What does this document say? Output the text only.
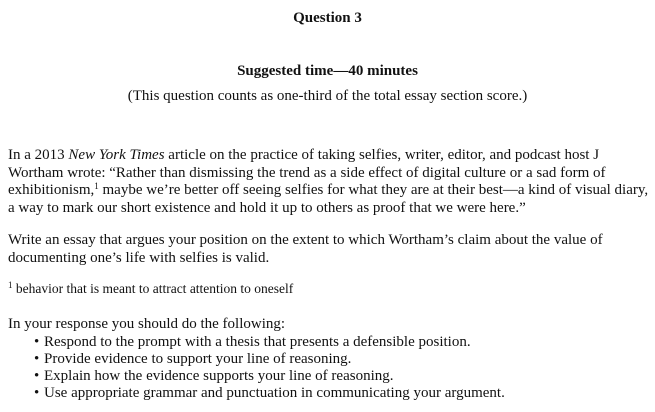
Question 3

Suggested time—40 minutes

(This question counts as one-third of the total essay section score.)

In a 2013 New York Times article on the practice of taking selfies, writer, editor, and podcast host J Wortham wrote: “Rather than dismissing the trend as a side effect of digital culture or a sad form of exhibitionism,$^1$ maybe we’re better off seeing selfies for what they are at their best—a kind of visual diary, a way to mark our short existence and hold it up to others as proof that we were here.”

Write an essay that argues your position on the extent to which Wortham’s claim about the value of documenting one’s life with selfies is valid.

$^1$ behavior that is meant to attract attention to oneself

In your response you should do the following:

• Respond to the prompt with a thesis that presents a defensible position.
• Provide evidence to support your line of reasoning.
• Explain how the evidence supports your line of reasoning.
• Use appropriate grammar and punctuation in communicating your argument.
